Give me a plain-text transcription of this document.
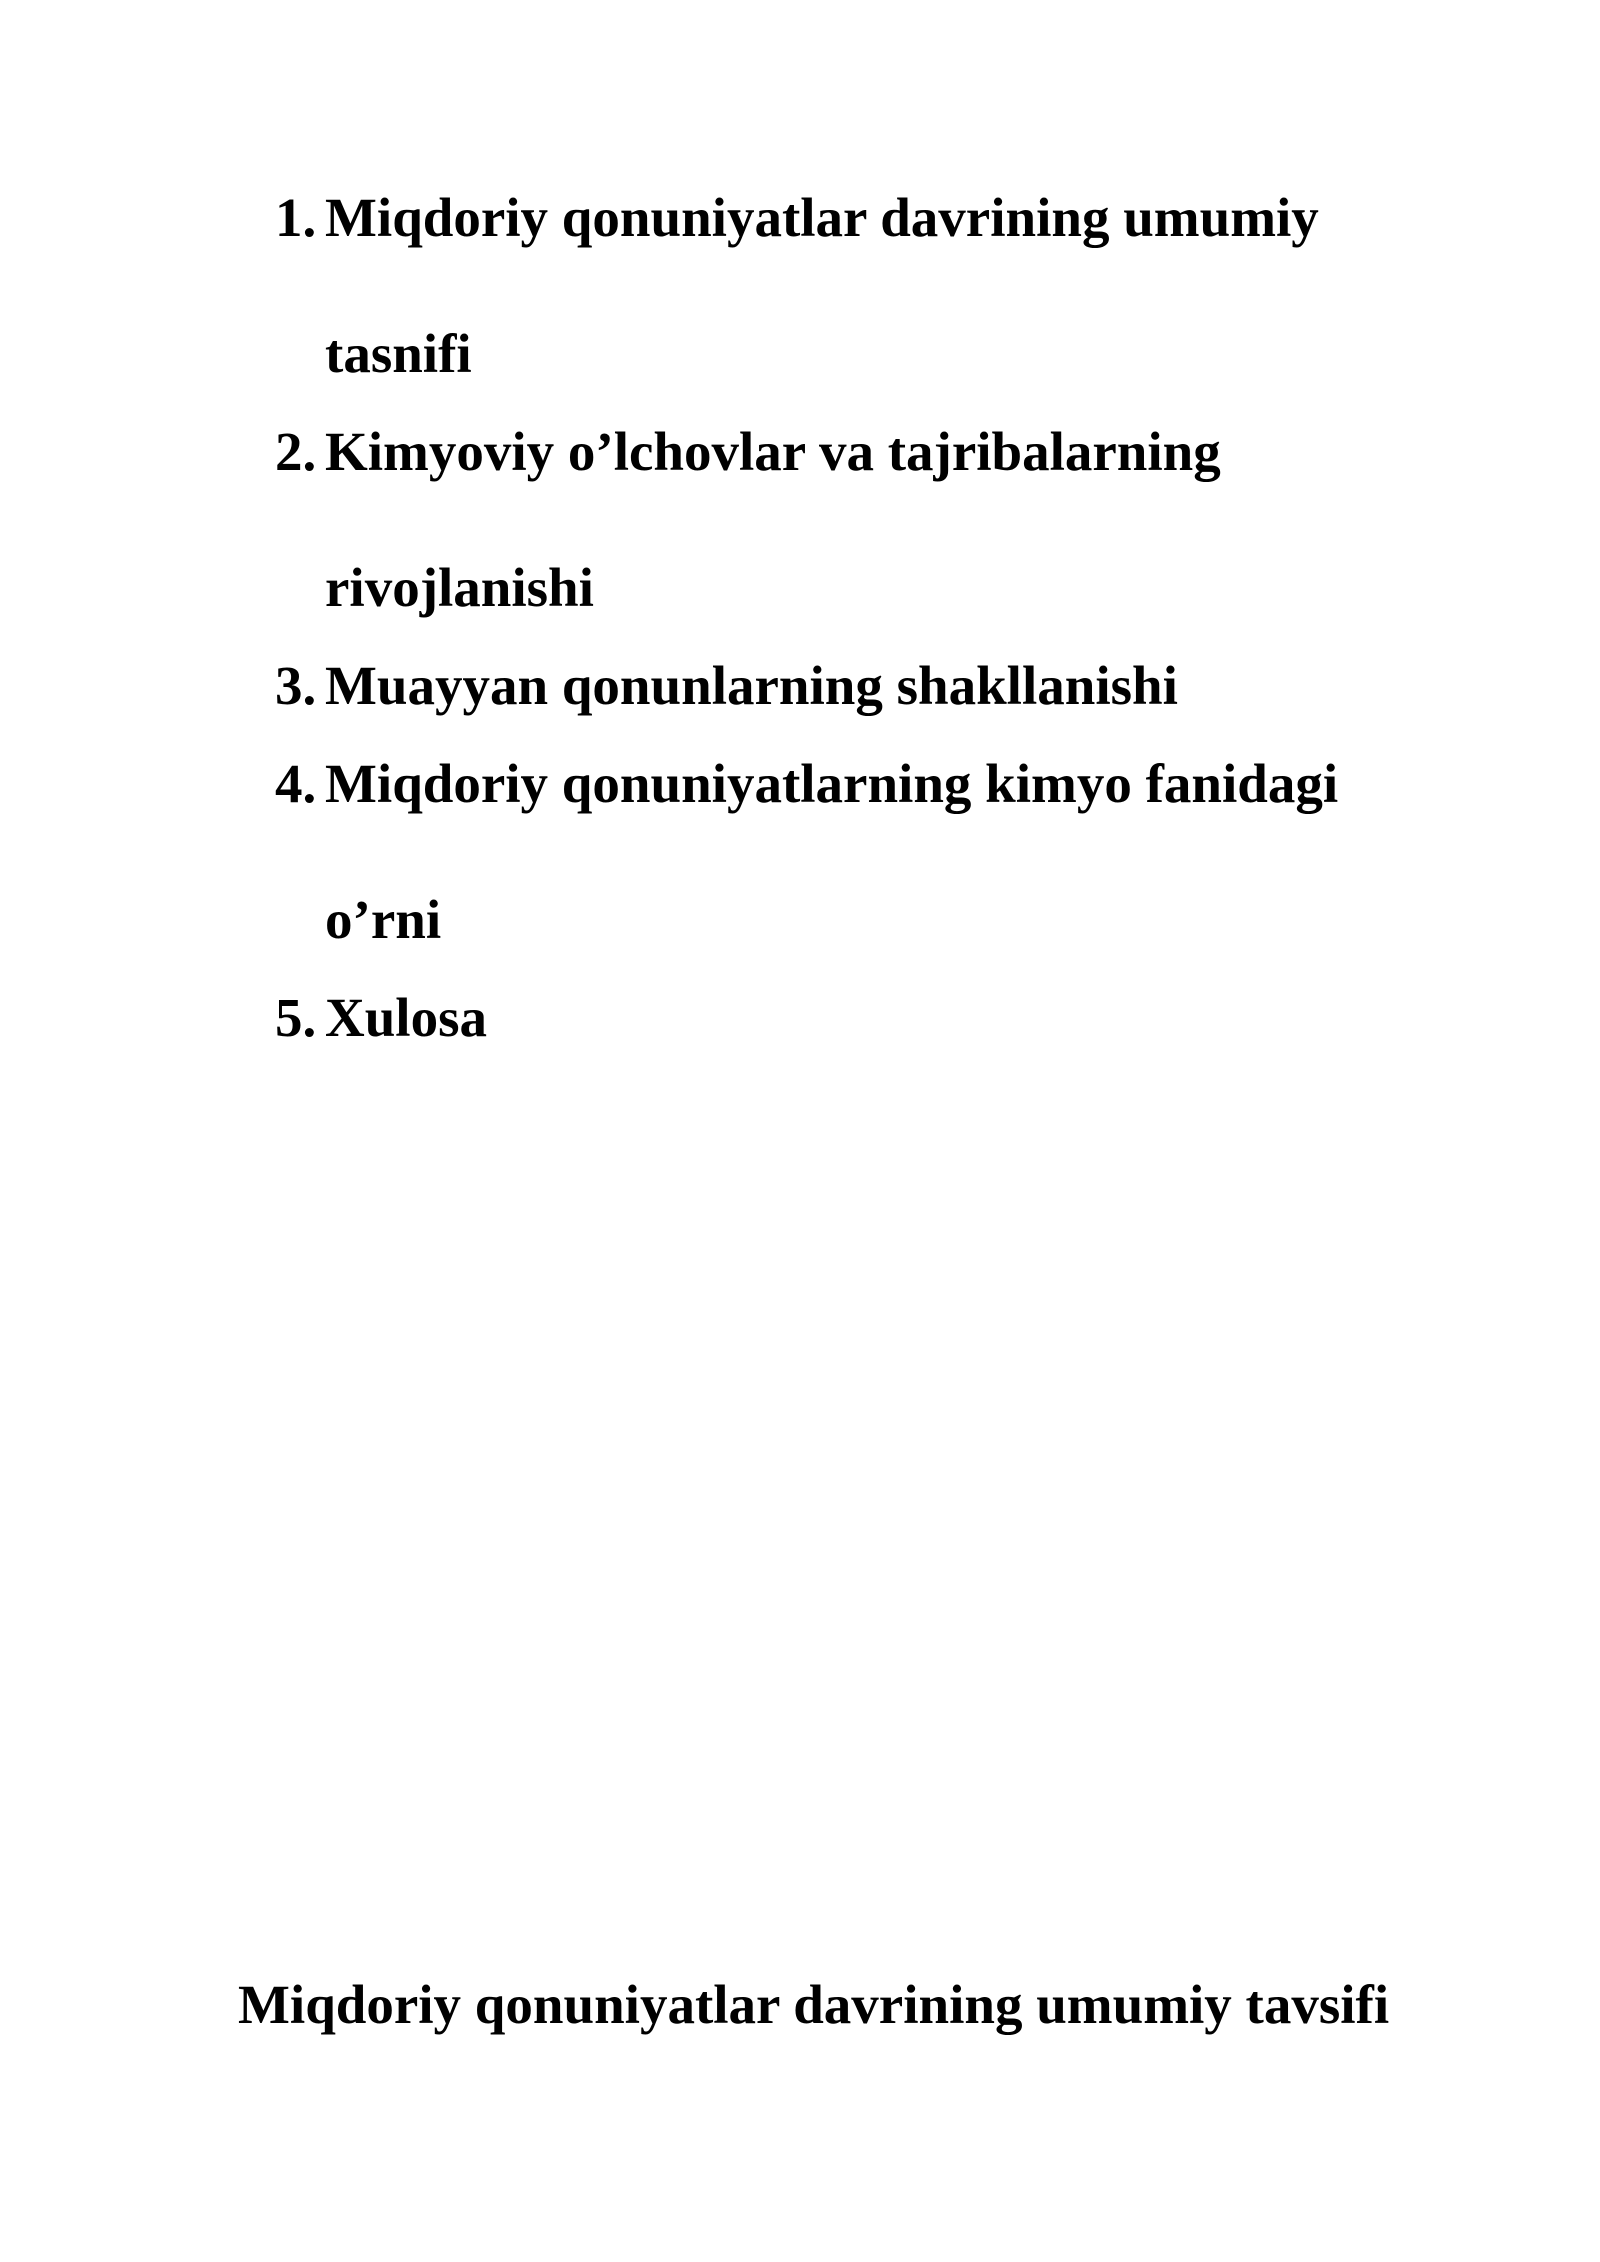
1. Miqdoriy qonuniyatlar davrining umumiy tasnifi
2. Kimyoviy o’lchovlar va tajribalarning rivojlanishi
3. Muayyan qonunlarning shakllanishi
4. Miqdoriy qonuniyatlarning kimyo fanidagi o’rni
5. Xulosa
Miqdoriy qonuniyatlar davrining umumiy tavsifi
